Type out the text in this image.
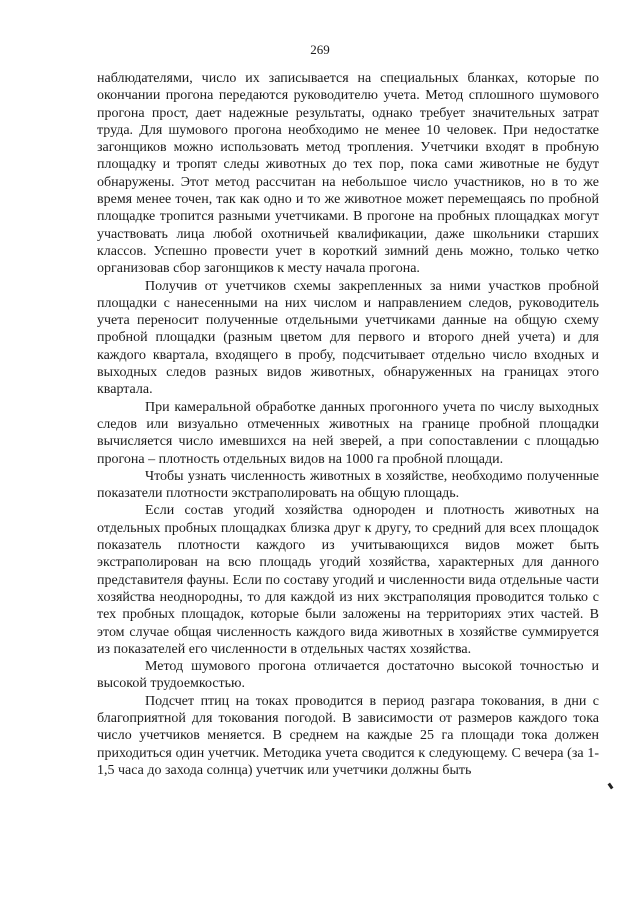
269

наблюдателями, число их записывается на специальных бланках, которые по окончании прогона передаются руководителю учета. Метод сплошного шумового прогона прост, дает надежные результаты, однако требует значительных затрат труда. Для шумового прогона необходимо не менее 10 человек. При недостатке загонщиков можно использовать метод тропления. Учетчики входят в пробную площадку и тропят следы животных до тех пор, пока сами животные не будут обнаружены. Этот метод рассчитан на небольшое число участников, но в то же время менее точен, так как одно и то же животное может перемещаясь по пробной площадке тропится разными учетчиками. В прогоне на пробных площадках могут участвовать лица любой охотничьей квалификации, даже школьники старших классов. Успешно провести учет в короткий зимний день можно, только четко организовав сбор загонщиков к месту начала прогона.

Получив от учетчиков схемы закрепленных за ними участков пробной площадки с нанесенными на них числом и направлением следов, руководитель учета переносит полученные отдельными учетчиками данные на общую схему пробной площадки (разным цветом для первого и второго дней учета) и для каждого квартала, входящего в пробу, подсчитывает отдельно число входных и выходных следов разных видов животных, обнаруженных на границах этого квартала.

При камеральной обработке данных прогонного учета по числу выходных следов или визуально отмеченных животных на границе пробной площадки вычисляется число имевшихся на ней зверей, а при сопоставлении с площадью прогона – плотность отдельных видов на 1000 га пробной площади.

Чтобы узнать численность животных в хозяйстве, необходимо полученные показатели плотности экстраполировать на общую площадь.

Если состав угодий хозяйства однороден и плотность животных на отдельных пробных площадках близка друг к другу, то средний для всех площадок показатель плотности каждого из учитывающихся видов может быть экстраполирован на всю площадь угодий хозяйства, характерных для данного представителя фауны. Если по составу угодий и численности вида отдельные части хозяйства неоднородны, то для каждой из них экстраполяция проводится только с тех пробных площадок, которые были заложены на территориях этих частей. В этом случае общая численность каждого вида животных в хозяйстве суммируется из показателей его численности в отдельных частях хозяйства.

Метод шумового прогона отличается достаточно высокой точностью и высокой трудоемкостью.

Подсчет птиц на токах проводится в период разгара токования, в дни с благоприятной для токования погодой. В зависимости от размеров каждого тока число учетчиков меняется. В среднем на каждые 25 га площади тока должен приходиться один учетчик. Методика учета сводится к следующему. С вечера (за 1-1,5 часа до захода солнца) учетчик или учетчики должны быть
